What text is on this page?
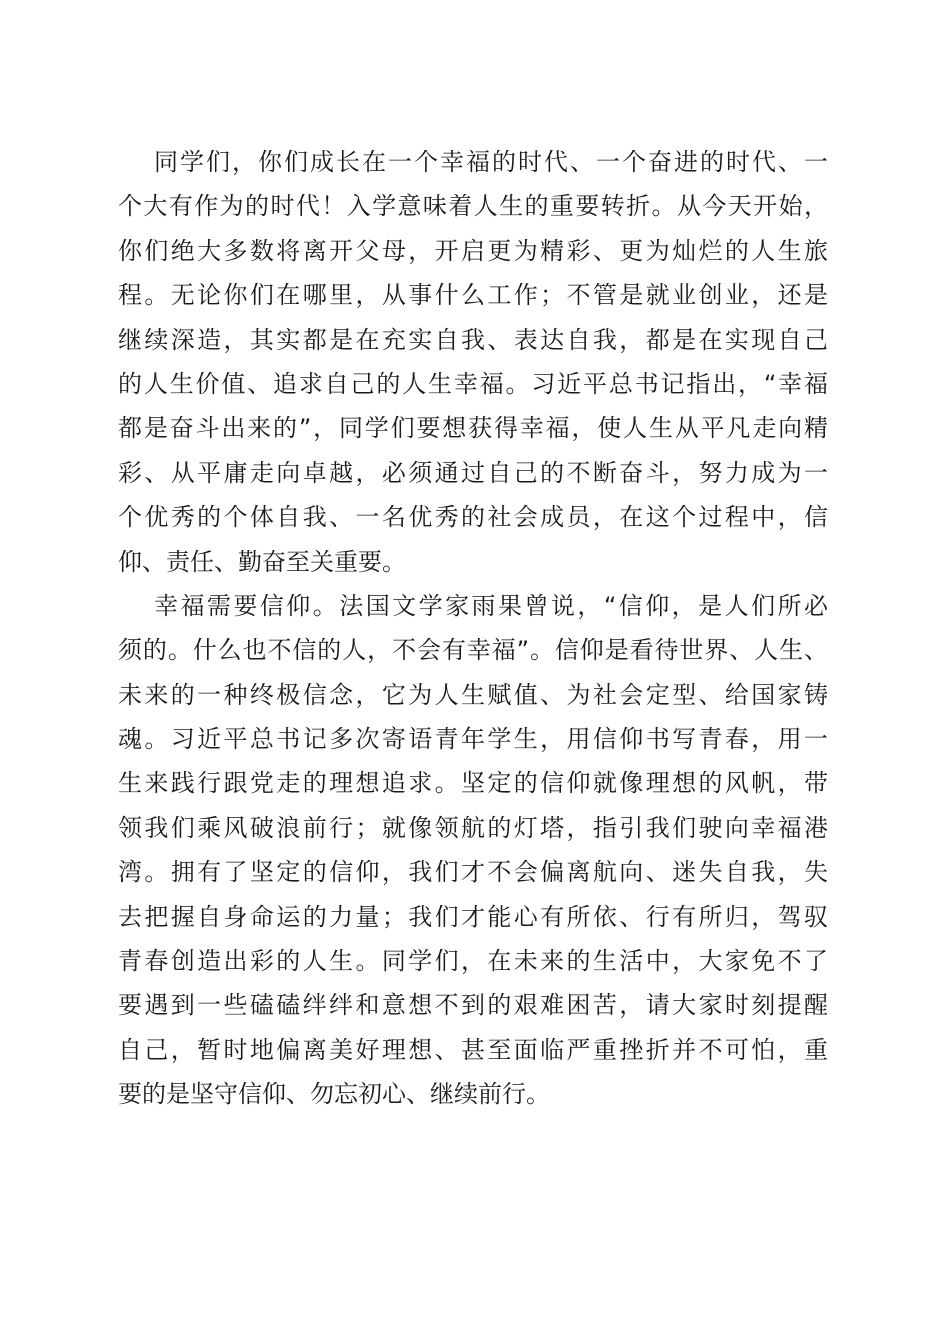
同学们，你们成长在一个幸福的时代、一个奋进的时代、一
个大有作为的时代！入学意味着人生的重要转折。从今天开始，
你们绝大多数将离开父母，开启更为精彩、更为灿烂的人生旅
程。无论你们在哪里，从事什么工作；不管是就业创业，还是
继续深造，其实都是在充实自我、表达自我，都是在实现自己
的人生价值、追求自己的人生幸福。习近平总书记指出，“幸福
都是奋斗出来的”，同学们要想获得幸福，使人生从平凡走向精
彩、从平庸走向卓越，必须通过自己的不断奋斗，努力成为一
个优秀的个体自我、一名优秀的社会成员，在这个过程中，信
仰、责任、勤奋至关重要。
幸福需要信仰。法国文学家雨果曾说，“信仰，是人们所必
须的。什么也不信的人，不会有幸福”。信仰是看待世界、人生、
未来的一种终极信念，它为人生赋值、为社会定型、给国家铸
魂。习近平总书记多次寄语青年学生，用信仰书写青春，用一
生来践行跟党走的理想追求。坚定的信仰就像理想的风帆，带
领我们乘风破浪前行；就像领航的灯塔，指引我们驶向幸福港
湾。拥有了坚定的信仰，我们才不会偏离航向、迷失自我，失
去把握自身命运的力量；我们才能心有所依、行有所归，驾驭
青春创造出彩的人生。同学们，在未来的生活中，大家免不了
要遇到一些磕磕绊绊和意想不到的艰难困苦，请大家时刻提醒
自己，暂时地偏离美好理想、甚至面临严重挫折并不可怕，重
要的是坚守信仰、勿忘初心、继续前行。
